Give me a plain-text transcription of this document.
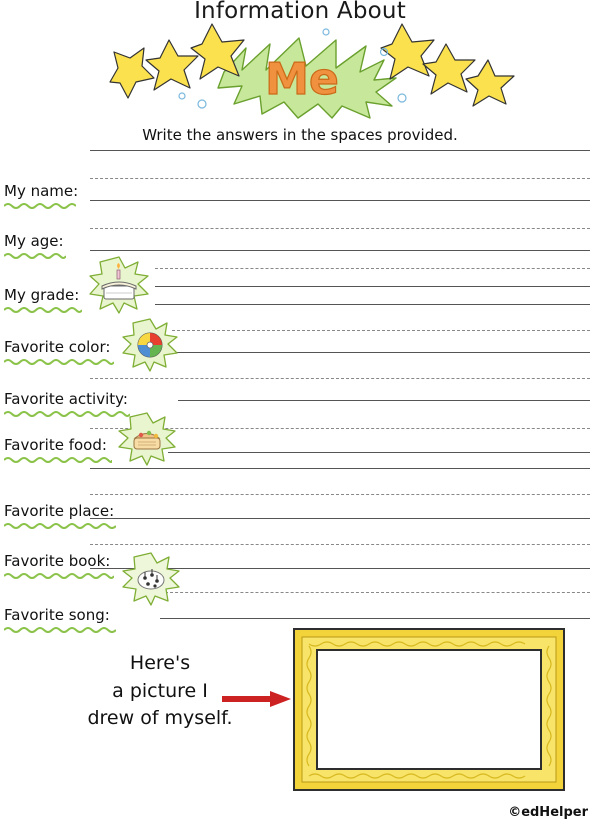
Information About
Me
Write the answers in the spaces provided.
My name:
My age:
My grade:
Favorite color:
Favorite activity:
Favorite food:
Favorite place:
Favorite book:
Favorite song:
Here's
a picture I
drew of myself.
©edHelper
